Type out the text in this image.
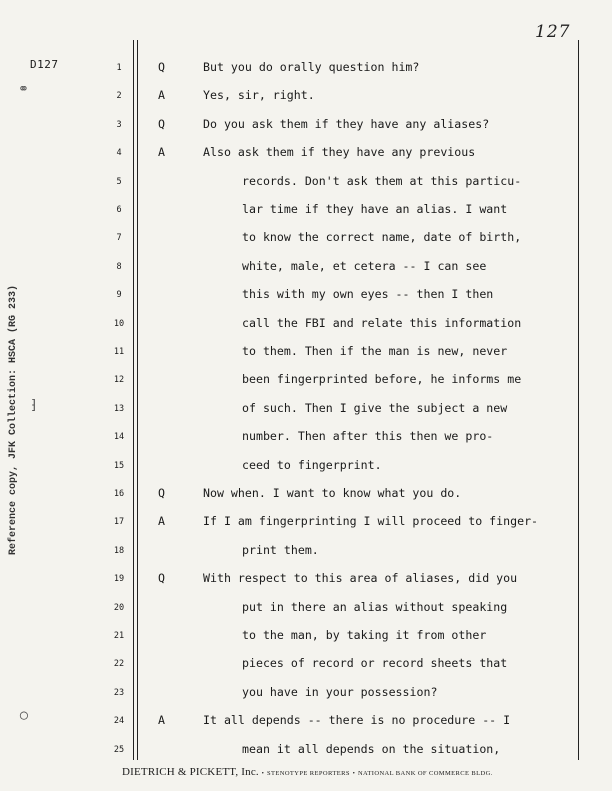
127
D127
Reference copy, JFK Collection: HSCA (RG 233)
⚭
⁆
◯
1	Q	But you do orally question him?
2	A	Yes, sir, right.
3	Q	Do you ask them if they have any aliases?
4	A	Also ask them if they have any previous
5	records. Don't ask them at this particu-
6	lar time if they have an alias. I want
7	to know the correct name, date of birth,
8	white, male, et cetera -- I can see
9	this with my own eyes -- then I then
10	call the FBI and relate this information
11	to them. Then if the man is new, never
12	been fingerprinted before, he informs me
13	of such. Then I give the subject a new
14	number. Then after this then we pro-
15	ceed to fingerprint.
16	Q	Now when. I want to know what you do.
17	A	If I am fingerprinting I will proceed to finger-
18	print them.
19	Q	With respect to this area of aliases, did you
20	put in there an alias without speaking
21	to the man, by taking it from other
22	pieces of record or record sheets that
23	you have in your possession?
24	A	It all depends -- there is no procedure -- I
25	mean it all depends on the situation,
DIETRICH & PICKETT, Inc. • STENOTYPE REPORTERS • NATIONAL BANK OF COMMERCE BLDG.
